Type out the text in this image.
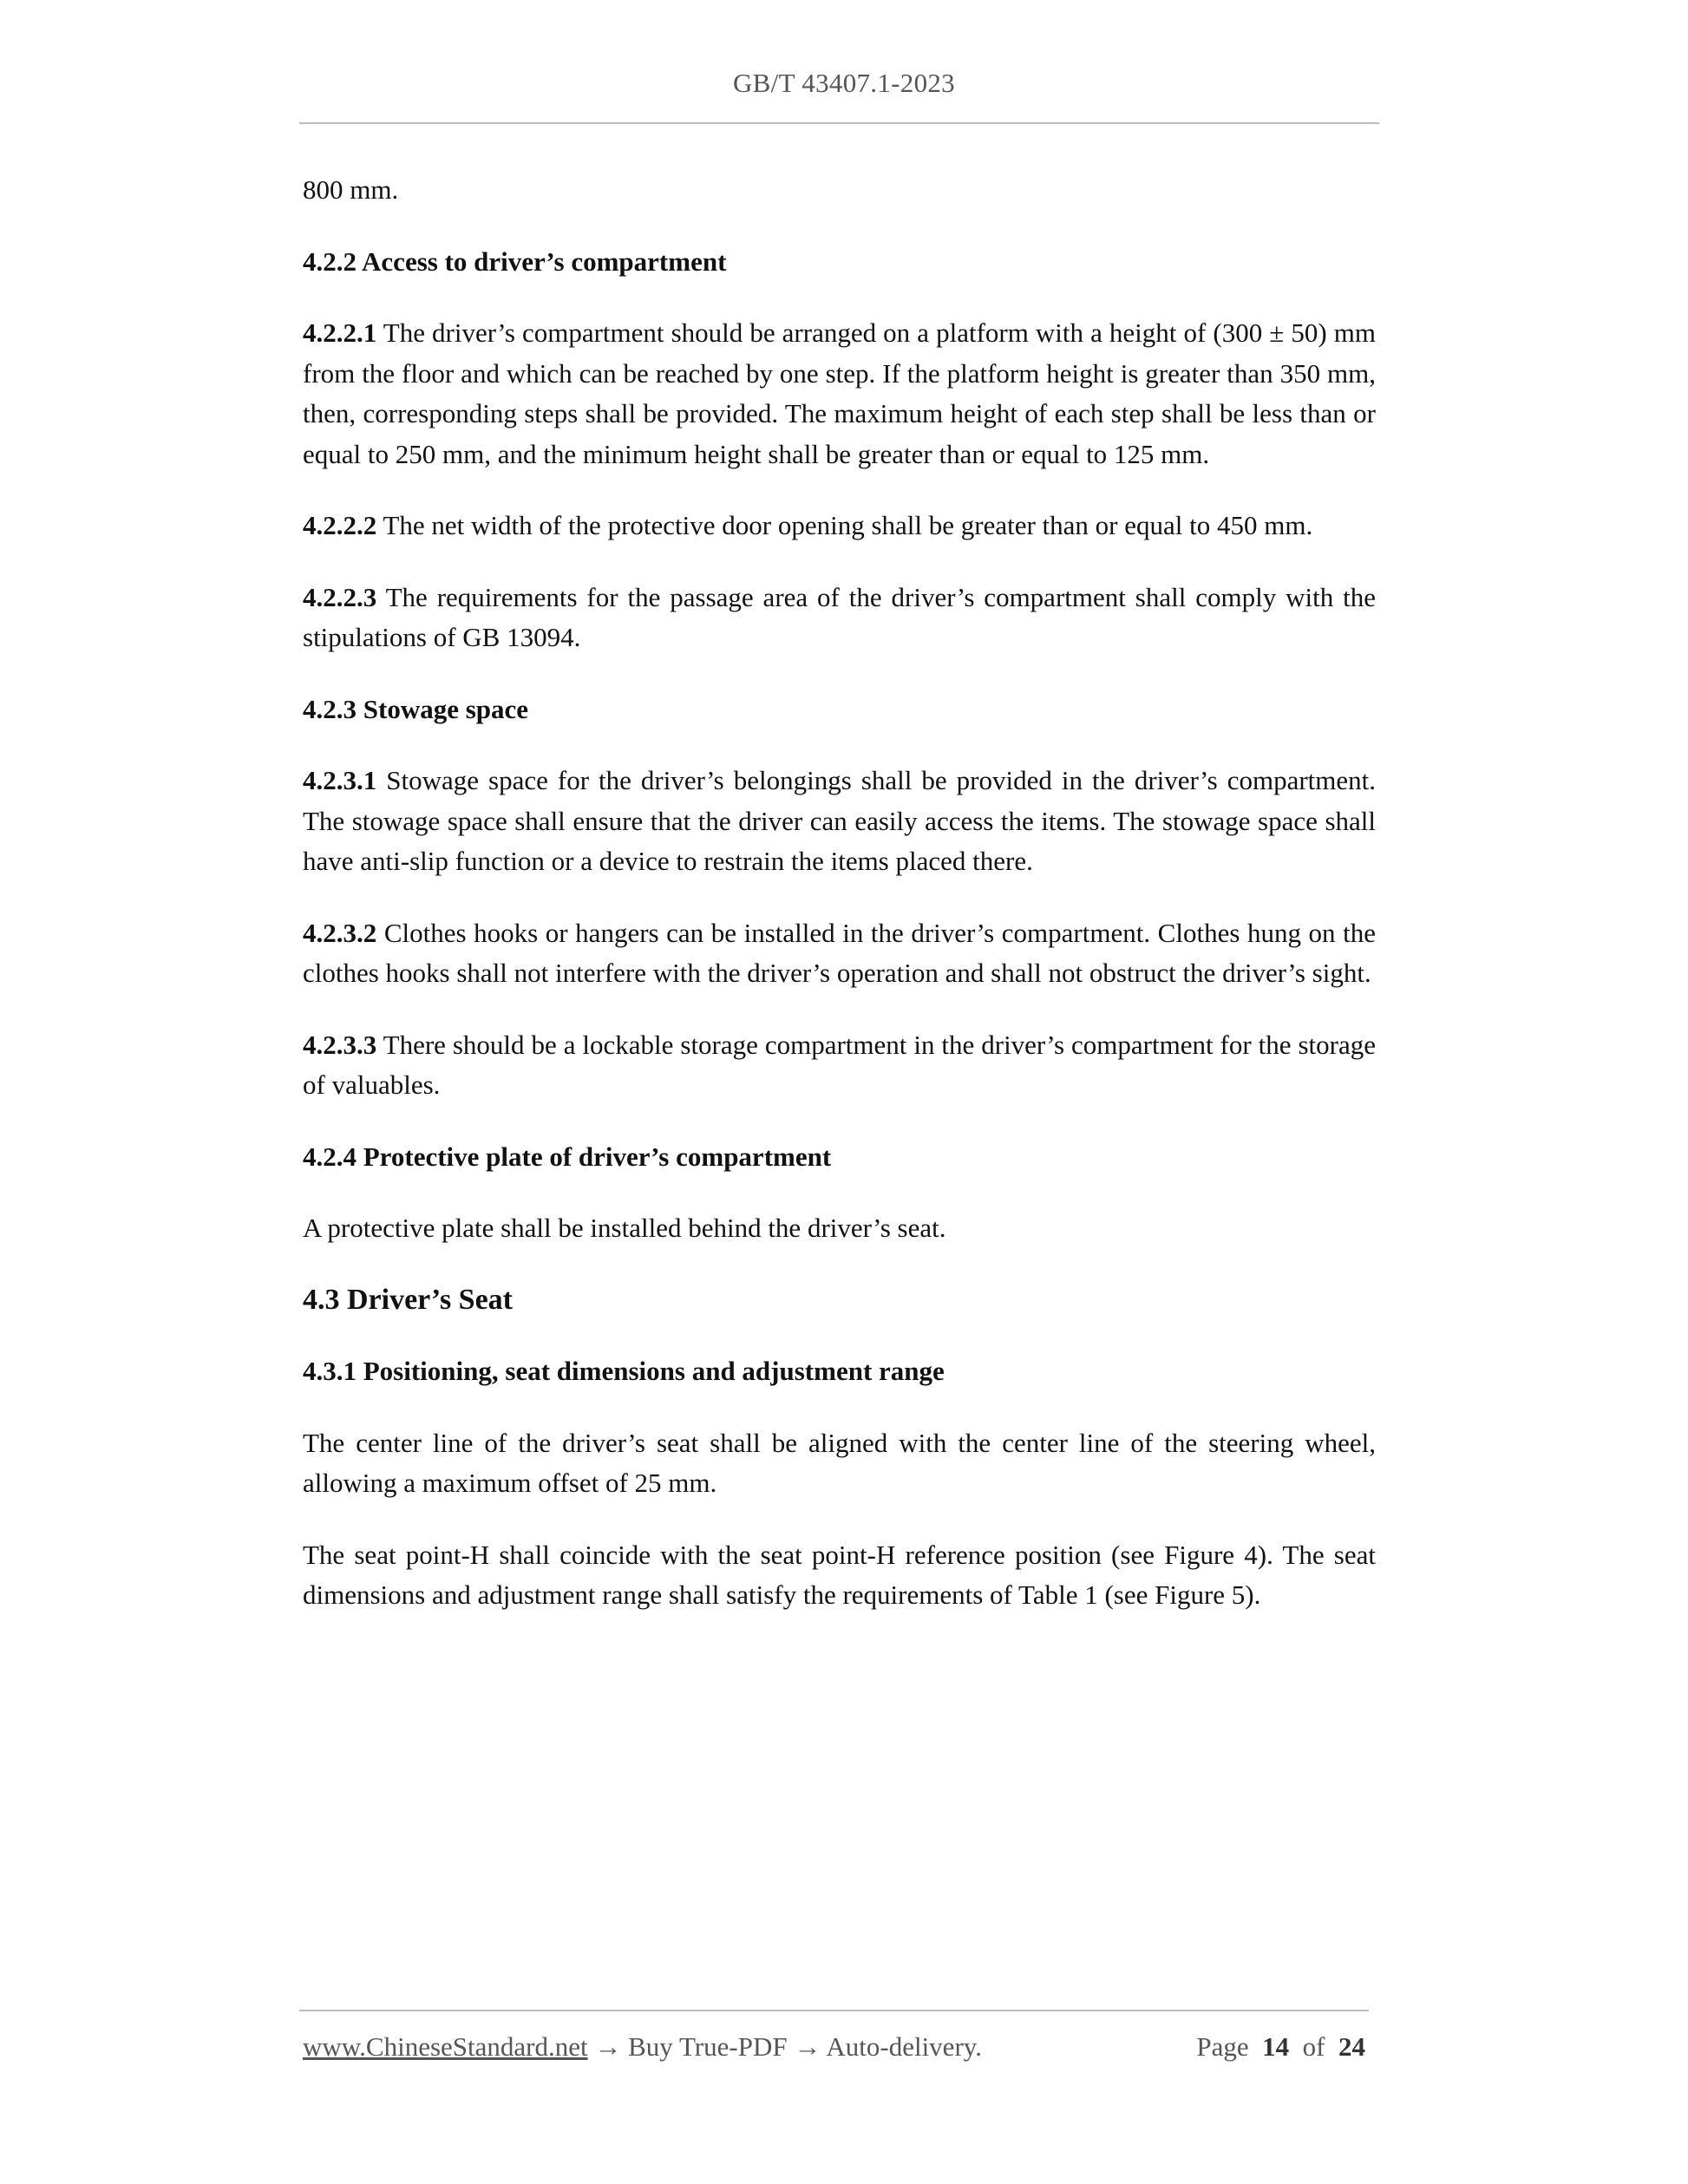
GB/T 43407.1-2023

800 mm.

4.2.2 Access to driver’s compartment

4.2.2.1 The driver’s compartment should be arranged on a platform with a height of (300 ± 50) mm from the floor and which can be reached by one step. If the platform height is greater than 350 mm, then, corresponding steps shall be provided. The maximum height of each step shall be less than or equal to 250 mm, and the minimum height shall be greater than or equal to 125 mm.

4.2.2.2 The net width of the protective door opening shall be greater than or equal to 450 mm.

4.2.2.3 The requirements for the passage area of the driver’s compartment shall comply with the stipulations of GB 13094.

4.2.3 Stowage space

4.2.3.1 Stowage space for the driver’s belongings shall be provided in the driver’s compartment. The stowage space shall ensure that the driver can easily access the items. The stowage space shall have anti-slip function or a device to restrain the items placed there.

4.2.3.2 Clothes hooks or hangers can be installed in the driver’s compartment. Clothes hung on the clothes hooks shall not interfere with the driver’s operation and shall not obstruct the driver’s sight.

4.2.3.3 There should be a lockable storage compartment in the driver’s compartment for the storage of valuables.

4.2.4 Protective plate of driver’s compartment

A protective plate shall be installed behind the driver’s seat.

4.3 Driver’s Seat

4.3.1 Positioning, seat dimensions and adjustment range

The center line of the driver’s seat shall be aligned with the center line of the steering wheel, allowing a maximum offset of 25 mm.

The seat point-H shall coincide with the seat point-H reference position (see Figure 4). The seat dimensions and adjustment range shall satisfy the requirements of Table 1 (see Figure 5).

www.ChineseStandard.net → Buy True-PDF → Auto-delivery.	Page 14 of 24
